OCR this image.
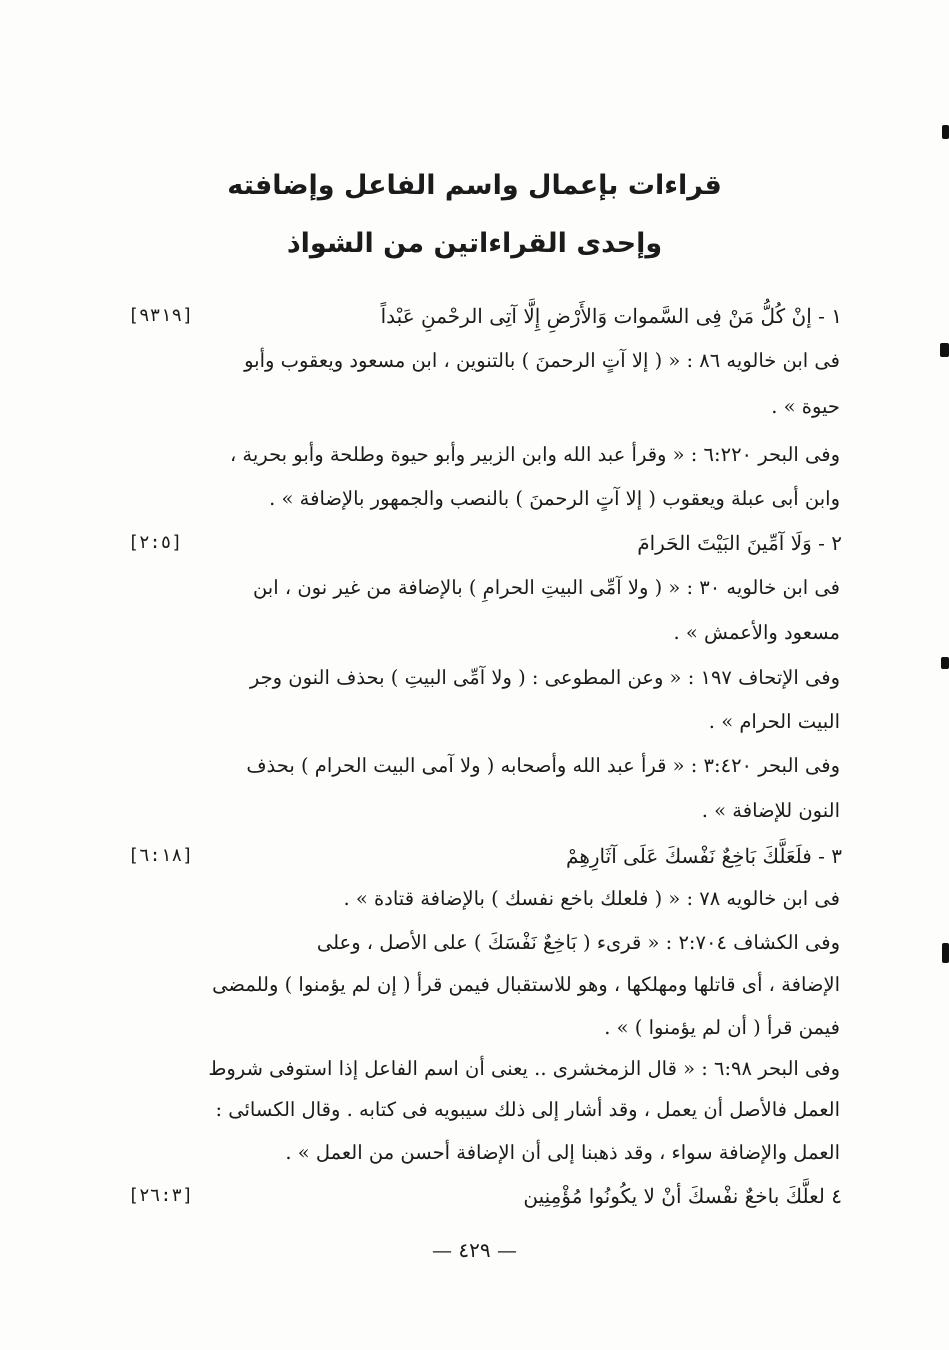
قراءات بإعمال واسم الفاعل وإضافته
وإحدى القراءاتين من الشواذ
١ - إنْ كُلُّ مَنْ فِى السَّموات وَالأَرْضِ إِلَّا آتِى الرحْمنِ عَبْداً
[٩٣١٩]
فى ابن خالويه ٨٦ : « ( إلا آتٍ الرحمنَ ) بالتنوين ، ابن مسعود ويعقوب وأبو
حيوة » .
وفى البحر ٦:٢٢٠ : « وقرأ عبد الله وابن الزبير وأبو حيوة وطلحة وأبو بحرية ،
وابن أبى عبلة ويعقوب ( إلا آتٍ الرحمنَ ) بالنصب والجمهور بالإضافة » .
٢ - وَلَا آمِّينَ البَيْتَ الحَرامَ
[٢:٥]
فى ابن خالويه ٣٠ : « ( ولا آمِّى البيتِ الحرامِ ) بالإضافة من غير نون ، ابن
مسعود والأعمش » .
وفى الإتحاف ١٩٧ : « وعن المطوعى : ( ولا آمِّى البيتِ ) بحذف النون وجر
البيت الحرام » .
وفى البحر ٣:٤٢٠ : « قرأ عبد الله وأصحابه ( ولا آمى البيت الحرام ) بحذف
النون للإضافة » .
٣ - فلَعَلَّكَ بَاخِعٌ نَفْسكَ عَلَى آثَارِهِمْ
[٦:١٨]
فى ابن خالويه ٧٨ : « ( فلعلك باخع نفسك ) بالإضافة قتادة » .
وفى الكشاف ٢:٧٠٤ : « قرىء ( بَاخِعٌ نَفْسَكَ ) على الأصل ، وعلى
الإضافة ، أى قاتلها ومهلكها ، وهو للاستقبال فيمن قرأ ( إن لم يؤمنوا ) وللمضى
فيمن قرأ ( أن لم يؤمنوا ) » .
وفى البحر ٦:٩٨ : « قال الزمخشرى .. يعنى أن اسم الفاعل إذا استوفى شروط
العمل فالأصل أن يعمل ، وقد أشار إلى ذلك سيبويه فى كتابه . وقال الكسائى :
العمل والإضافة سواء ، وقد ذهبنا إلى أن الإضافة أحسن من العمل » .
٤ لعلَّكَ باخعٌ نفْسكَ أنْ لا يكُونُوا مُؤْمِنِين
[٢٦:٣]
— ٤٢٩ —
